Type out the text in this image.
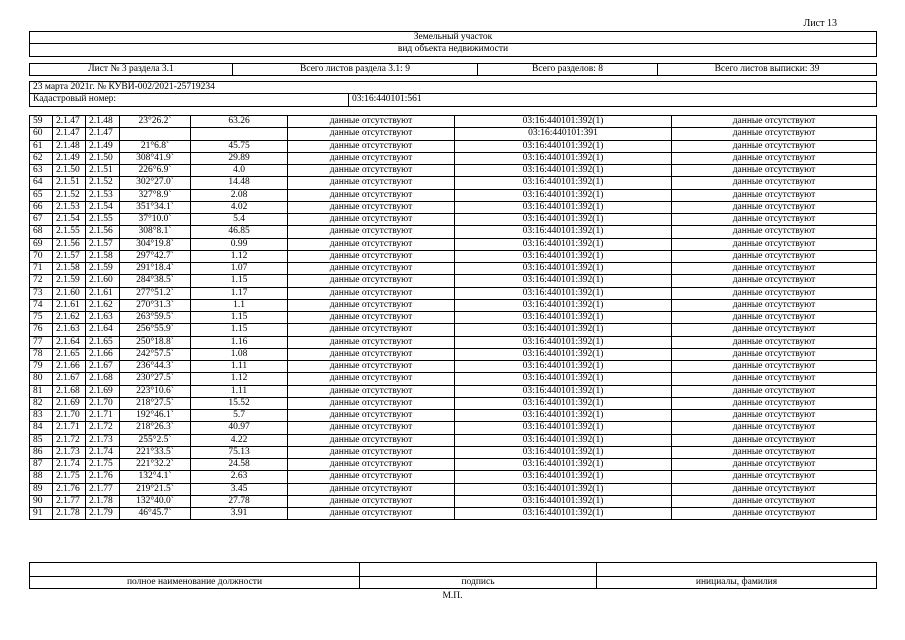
Лист 13
Земельный участок
вид объекта недвижимости
Лист № 3 раздела 3.1	Всего листов раздела 3.1: 9	Всего разделов: 8	Всего листов выписки: 39
23 марта 2021г. № КУВИ-002/2021-25719234
Кадастровый номер:	03:16:440101:561
59	2.1.47	2.1.48	23°26.2`	63.26	данные отсутствуют	03:16:440101:392(1)	данные отсутствуют
60	2.1.47	2.1.47			данные отсутствуют	03:16:440101:391	данные отсутствуют
61	2.1.48	2.1.49	21°6.8`	45.75	данные отсутствуют	03:16:440101:392(1)	данные отсутствуют
62	2.1.49	2.1.50	308°41.9`	29.89	данные отсутствуют	03:16:440101:392(1)	данные отсутствуют
63	2.1.50	2.1.51	226°6.9`	4.0	данные отсутствуют	03:16:440101:392(1)	данные отсутствуют
64	2.1.51	2.1.52	302°27.0`	14.48	данные отсутствуют	03:16:440101:392(1)	данные отсутствуют
65	2.1.52	2.1.53	327°8.9`	2.08	данные отсутствуют	03:16:440101:392(1)	данные отсутствуют
66	2.1.53	2.1.54	351°34.1`	4.02	данные отсутствуют	03:16:440101:392(1)	данные отсутствуют
67	2.1.54	2.1.55	37°10.0`	5.4	данные отсутствуют	03:16:440101:392(1)	данные отсутствуют
68	2.1.55	2.1.56	308°8.1`	46.85	данные отсутствуют	03:16:440101:392(1)	данные отсутствуют
69	2.1.56	2.1.57	304°19.8`	0.99	данные отсутствуют	03:16:440101:392(1)	данные отсутствуют
70	2.1.57	2.1.58	297°42.7`	1.12	данные отсутствуют	03:16:440101:392(1)	данные отсутствуют
71	2.1.58	2.1.59	291°18.4`	1.07	данные отсутствуют	03:16:440101:392(1)	данные отсутствуют
72	2.1.59	2.1.60	284°38.5`	1.15	данные отсутствуют	03:16:440101:392(1)	данные отсутствуют
73	2.1.60	2.1.61	277°51.2`	1.17	данные отсутствуют	03:16:440101:392(1)	данные отсутствуют
74	2.1.61	2.1.62	270°31.3`	1.1	данные отсутствуют	03:16:440101:392(1)	данные отсутствуют
75	2.1.62	2.1.63	263°59.5`	1.15	данные отсутствуют	03:16:440101:392(1)	данные отсутствуют
76	2.1.63	2.1.64	256°55.9`	1.15	данные отсутствуют	03:16:440101:392(1)	данные отсутствуют
77	2.1.64	2.1.65	250°18.8`	1.16	данные отсутствуют	03:16:440101:392(1)	данные отсутствуют
78	2.1.65	2.1.66	242°57.5`	1.08	данные отсутствуют	03:16:440101:392(1)	данные отсутствуют
79	2.1.66	2.1.67	236°44.3`	1.11	данные отсутствуют	03:16:440101:392(1)	данные отсутствуют
80	2.1.67	2.1.68	230°27.5`	1.12	данные отсутствуют	03:16:440101:392(1)	данные отсутствуют
81	2.1.68	2.1.69	223°10.6`	1.11	данные отсутствуют	03:16:440101:392(1)	данные отсутствуют
82	2.1.69	2.1.70	218°27.5`	15.52	данные отсутствуют	03:16:440101:392(1)	данные отсутствуют
83	2.1.70	2.1.71	192°46.1`	5.7	данные отсутствуют	03:16:440101:392(1)	данные отсутствуют
84	2.1.71	2.1.72	218°26.3`	40.97	данные отсутствуют	03:16:440101:392(1)	данные отсутствуют
85	2.1.72	2.1.73	255°2.5`	4.22	данные отсутствуют	03:16:440101:392(1)	данные отсутствуют
86	2.1.73	2.1.74	221°33.5`	75.13	данные отсутствуют	03:16:440101:392(1)	данные отсутствуют
87	2.1.74	2.1.75	221°32.2`	24.58	данные отсутствуют	03:16:440101:392(1)	данные отсутствуют
88	2.1.75	2.1.76	132°4.1`	2.63	данные отсутствуют	03:16:440101:392(1)	данные отсутствуют
89	2.1.76	2.1.77	219°21.5`	3.45	данные отсутствуют	03:16:440101:392(1)	данные отсутствуют
90	2.1.77	2.1.78	132°40.0`	27.78	данные отсутствуют	03:16:440101:392(1)	данные отсутствуют
91	2.1.78	2.1.79	46°45.7`	3.91	данные отсутствуют	03:16:440101:392(1)	данные отсутствуют

полное наименование должности	подпись	инициалы, фамилия
М.П.
